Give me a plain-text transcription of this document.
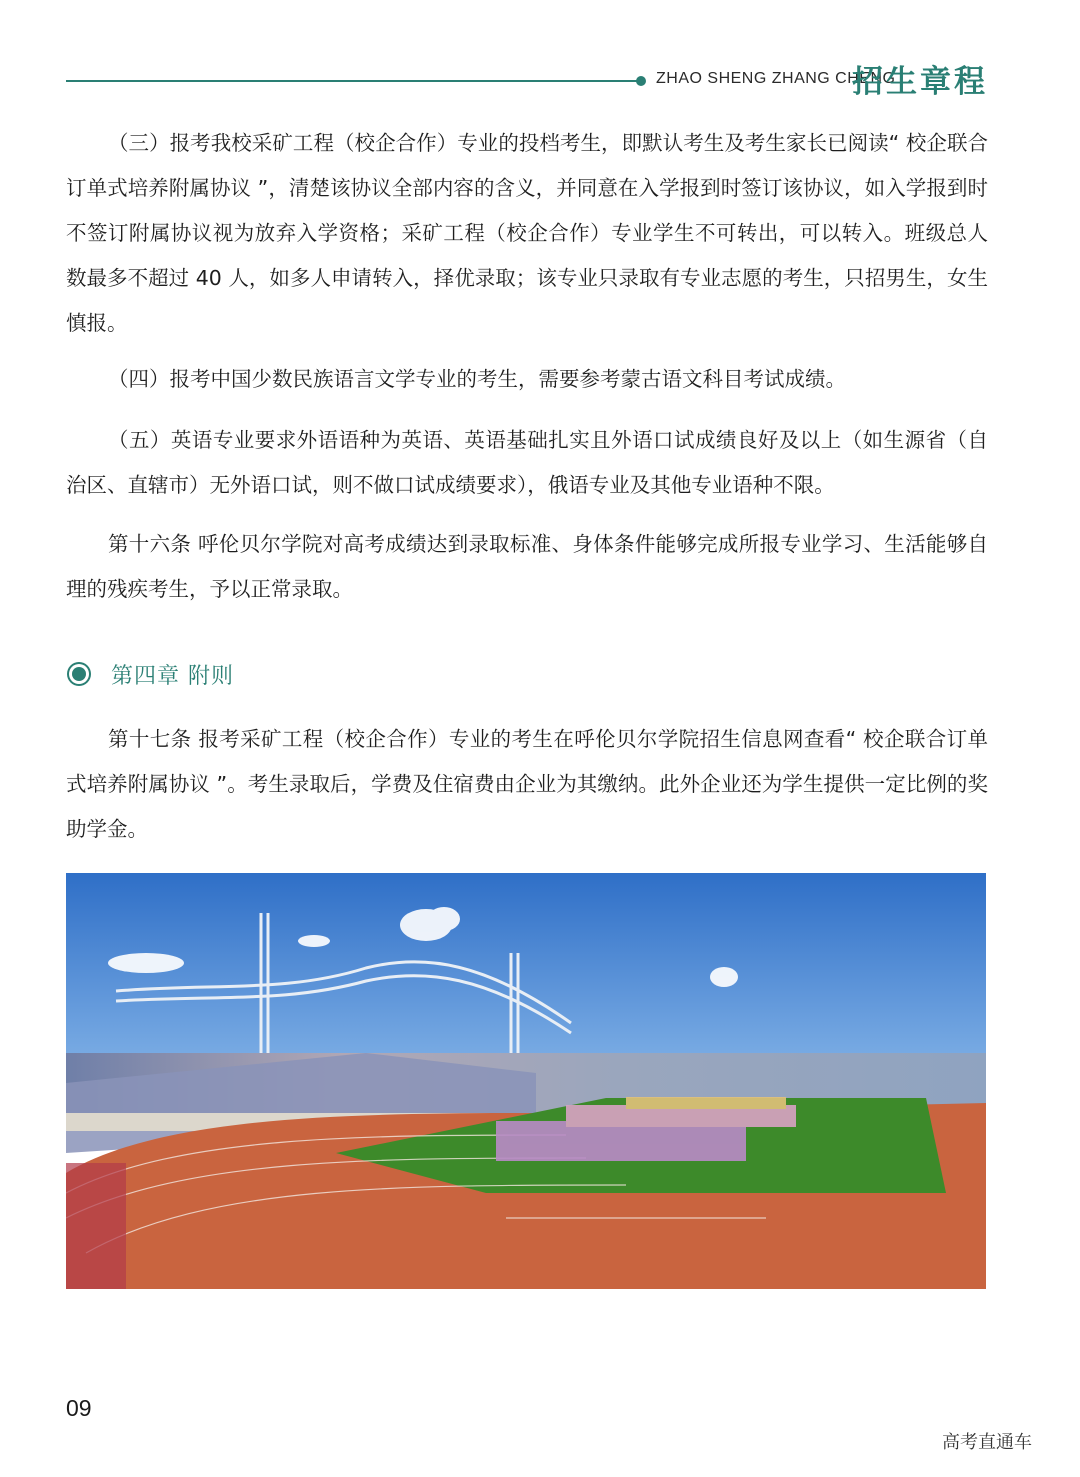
ZHAO SHENG ZHANG CHENG
招生章程

（三）报考我校采矿工程（校企合作）专业的投档考生，即默认考生及考生家长已阅读“ 校企联合订单式培养附属协议 ”，清楚该协议全部内容的含义，并同意在入学报到时签订该协议，如入学报到时不签订附属协议视为放弃入学资格；采矿工程（校企合作）专业学生不可转出，可以转入。班级总人数最多不超过 40 人，如多人申请转入，择优录取；该专业只录取有专业志愿的考生，只招男生，女生慎报。

（四）报考中国少数民族语言文学专业的考生，需要参考蒙古语文科目考试成绩。

（五）英语专业要求外语语种为英语、英语基础扎实且外语口试成绩良好及以上（如生源省（自治区、直辖市）无外语口试，则不做口试成绩要求），俄语专业及其他专业语种不限。

第十六条 呼伦贝尔学院对高考成绩达到录取标准、身体条件能够完成所报专业学习、生活能够自理的残疾考生，予以正常录取。

第四章 附则

第十七条 报考采矿工程（校企合作）专业的考生在呼伦贝尔学院招生信息网查看“ 校企联合订单式培养附属协议 ”。考生录取后，学费及住宿费由企业为其缴纳。此外企业还为学生提供一定比例的奖助学金。

09
高考直通车
